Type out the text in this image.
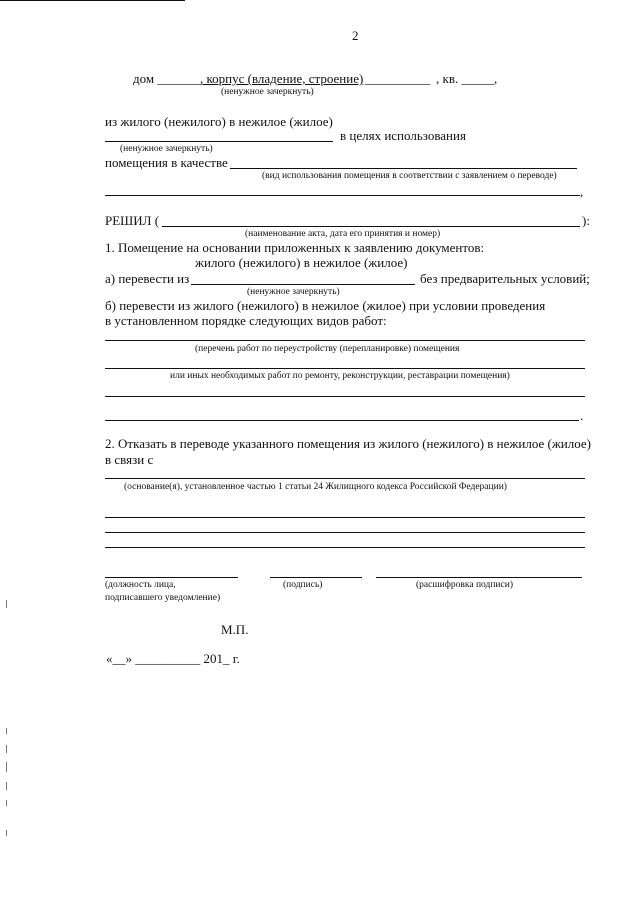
2
дом _______
, корпус (владение, строение) __________ , кв. _____,
(ненужное зачеркнуть)
из жилого (нежилого) в нежилое (жилое)
в целях использования
(ненужное зачеркнуть)
помещения в качестве
(вид использования помещения в соответствии с заявлением о переводе)
,
РЕШИЛ (	):
(наименование акта, дата его принятия и номер)
1. Помещение на основании приложенных к заявлению документов:
жилого (нежилого) в нежилое (жилое)
а) перевести из	без предварительных условий;
(ненужное зачеркнуть)
б) перевести из жилого (нежилого) в нежилое (жилое) при условии проведения
в установленном порядке следующих видов работ:
(перечень работ по переустройству (перепланировке) помещения
или иных необходимых работ по ремонту, реконструкции, реставрации помещения)
.
2. Отказать в переводе указанного помещения из жилого (нежилого) в нежилое (жилое)
в связи с
(основание(я), установленное частью 1 статьи 24 Жилищного кодекса Российской Федерации)
(должность лица,
подписавшего уведомление)
(подпись)	(расшифровка подписи)
М.П.
«__» __________ 201_ г.
